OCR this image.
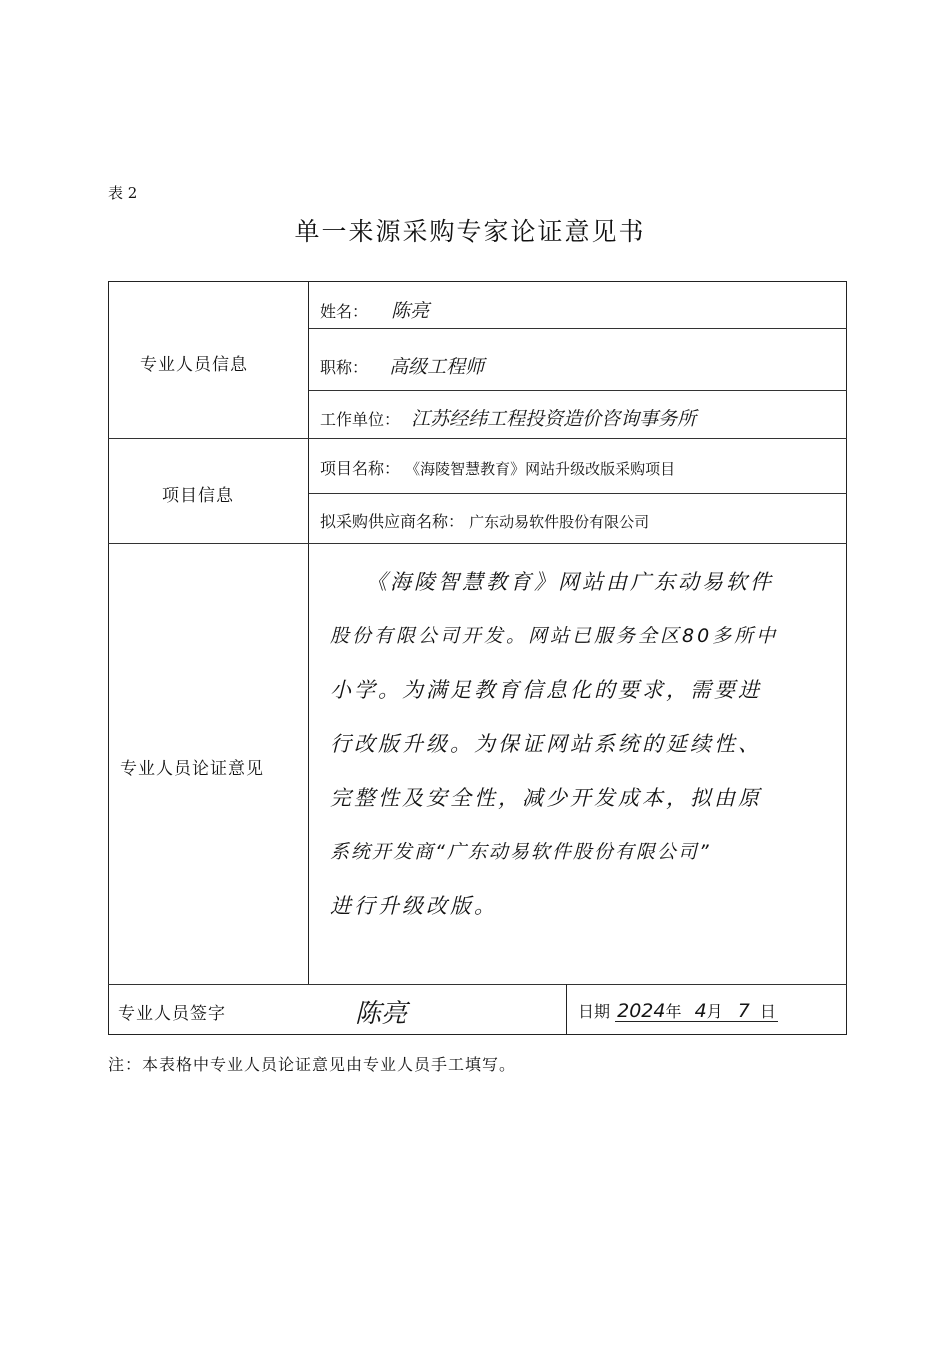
表 2
单一来源采购专家论证意见书
专业人员信息
项目信息
专业人员论证意见
专业人员签字
姓名： 陈亮
职称： 高级工程师
工作单位： 江苏经纬工程投资造价咨询事务所
项目名称： 《海陵智慧教育》网站升级改版采购项目
拟采购供应商名称： 广东动易软件股份有限公司
《海陵智慧教育》网站由广东动易软件
股份有限公司开发。网站已服务全区80多所中
小学。为满足教育信息化的要求，需要进
行改版升级。为保证网站系统的延续性、
完整性及安全性，减少开发成本，拟由原
系统开发商“广东动易软件股份有限公司”
进行升级改版。
陈亮	日期 2024年 4月 7 日
注：本表格中专业人员论证意见由专业人员手工填写。
